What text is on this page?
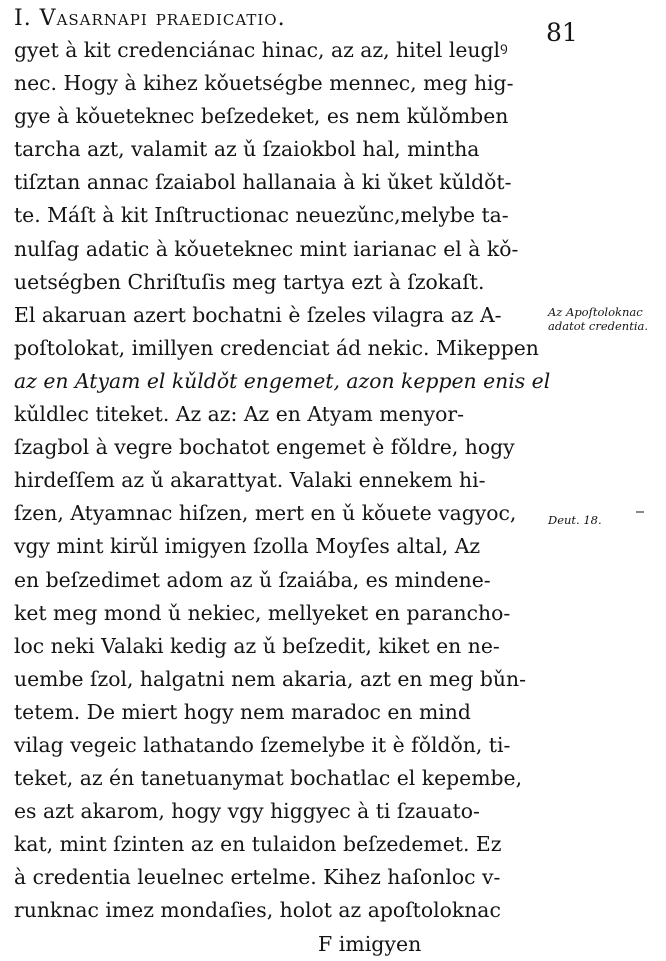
I. Vasarnapi praedicatio.	81
gyet à kit credenciánac hinac, az az, hitel leuglꝰ
nec. Hogy à kihez kǒuetségbe mennec, meg hig-
gye à kǒueteknec beſzedeket, es nem kǔlǒmben
tarcha azt, valamit az ǔ ſzaiokbol hal, mintha
tiſztan annac ſzaiabol hallanaia à ki ǔket kǔldǒt-
te. Máſt à kit Inſtructionac neuezǔnc,melybe ta-
nulſag adatic à kǒueteknec mint iarianac el à kǒ-
uetségben Chriſtuſis meg tartya ezt à ſzokaſt.
El akaruan azert bochatni è ſzeles vilagra az A-
poſtolokat, imillyen credenciat ád nekic. Mikeppen
az en Atyam el kǔldǒt engemet, azon keppen enis el
kǔldlec titeket. Az az: Az en Atyam menyor-
ſzagbol à vegre bochatot engemet è fǒldre, hogy
hirdeſſem az ǔ akarattyat. Valaki ennekem hi-
ſzen, Atyamnac hiſzen, mert en ǔ kǒuete vagyoc,
vgy mint kirǔl imigyen ſzolla Moyſes altal, Az
en beſzedimet adom az ǔ ſzaiába, es mindene-
ket meg mond ǔ nekiec, mellyeket en parancho-
loc neki Valaki kedig az ǔ beſzedit, kiket en ne-
uembe ſzol, halgatni nem akaria, azt en meg bǔn-
tetem. De miert hogy nem maradoc en mind
vilag vegeic lathatando ſzemelybe it è fǒldǒn, ti-
teket, az én tanetuanymat bochatlac el kepembe,
es azt akarom, hogy vgy higgyec à ti ſzauato-
kat, mint ſzinten az en tulaidon beſzedemet. Ez
à credentia leuelnec ertelme. Kihez haſonloc v-
runknac imez mondaſies, holot az apoſtoloknac
F imigyen
Az Apoſtoloknac adatot credentia.
Deut. 18.
